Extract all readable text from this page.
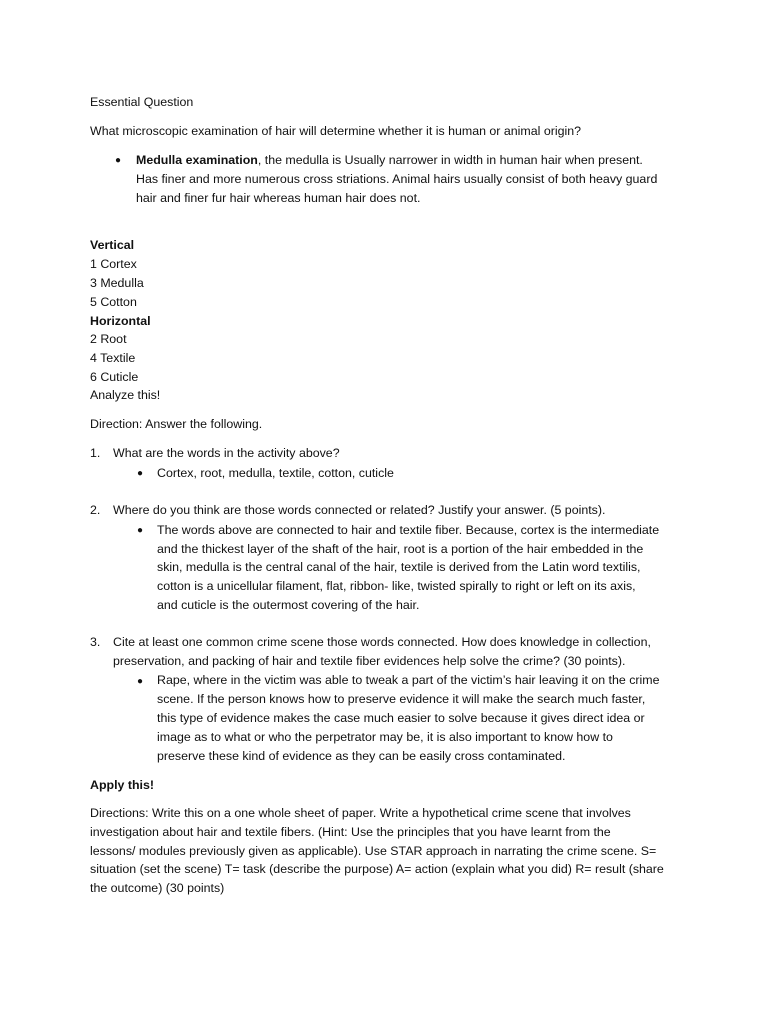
Essential Question

What microscopic examination of hair will determine whether it is human or animal origin?

● Medulla examination, the medulla is Usually narrower in width in human hair when present.

Has finer and more numerous cross striations. Animal hairs usually consist of both heavy guard

hair and finer fur hair whereas human hair does not.

Vertical

1 Cortex

3 Medulla

5 Cotton

Horizontal

2 Root

4 Textile

6 Cuticle

Analyze this!

Direction: Answer the following.

1. What are the words in the activity above?

● Cortex, root, medulla, textile, cotton, cuticle

2. Where do you think are those words connected or related? Justify your answer. (5 points).

● The words above are connected to hair and textile fiber. Because, cortex is the intermediate

and the thickest layer of the shaft of the hair, root is a portion of the hair embedded in the

skin, medulla is the central canal of the hair, textile is derived from the Latin word textilis,

cotton is a unicellular filament, flat, ribbon- like, twisted spirally to right or left on its axis,

and cuticle is the outermost covering of the hair.

3. Cite at least one common crime scene those words connected. How does knowledge in collection,

preservation, and packing of hair and textile fiber evidences help solve the crime? (30 points).

● Rape, where in the victim was able to tweak a part of the victim’s hair leaving it on the crime

scene. If the person knows how to preserve evidence it will make the search much faster,

this type of evidence makes the case much easier to solve because it gives direct idea or

image as to what or who the perpetrator may be, it is also important to know how to

preserve these kind of evidence as they can be easily cross contaminated.

Apply this!

Directions: Write this on a one whole sheet of paper. Write a hypothetical crime scene that involves

investigation about hair and textile fibers. (Hint: Use the principles that you have learnt from the

lessons/ modules previously given as applicable). Use STAR approach in narrating the crime scene. S=

situation (set the scene) T= task (describe the purpose) A= action (explain what you did) R= result (share

the outcome) (30 points)
